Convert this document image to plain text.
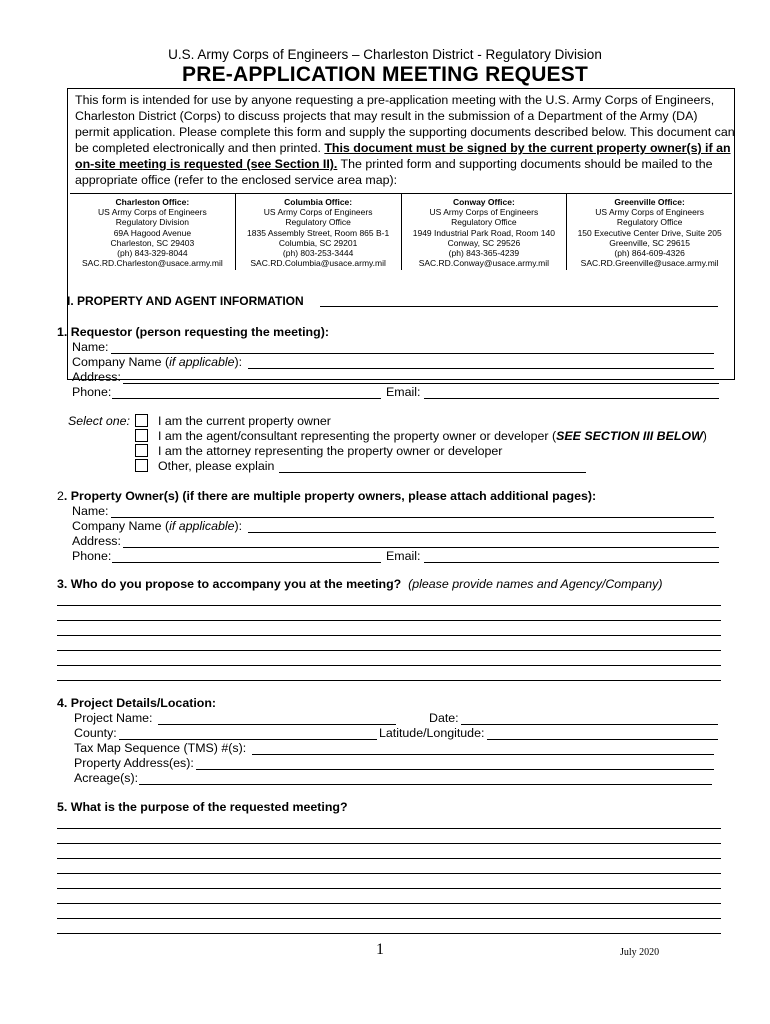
U.S. Army Corps of Engineers – Charleston District - Regulatory Division
PRE-APPLICATION MEETING REQUEST
This form is intended for use by anyone requesting a pre-application meeting with the U.S. Army Corps of Engineers, Charleston District (Corps) to discuss projects that may result in the submission of a Department of the Army (DA) permit application. Please complete this form and supply the supporting documents described below. This document can be completed electronically and then printed. This document must be signed by the current property owner(s) if an on-site meeting is requested (see Section II). The printed form and supporting documents should be mailed to the appropriate office (refer to the enclosed service area map):
Charleston Office:
US Army Corps of Engineers
Regulatory Division
69A Hagood Avenue
Charleston, SC 29403
(ph) 843-329-8044
SAC.RD.Charleston@usace.army.mil
Columbia Office:
US Army Corps of Engineers
Regulatory Office
1835 Assembly Street, Room 865 B-1
Columbia, SC 29201
(ph) 803-253-3444
SAC.RD.Columbia@usace.army.mil
Conway Office:
US Army Corps of Engineers
Regulatory Office
1949 Industrial Park Road, Room 140
Conway, SC 29526
(ph) 843-365-4239
SAC.RD.Conway@usace.army.mil
Greenville Office:
US Army Corps of Engineers
Regulatory Office
150 Executive Center Drive, Suite 205
Greenville, SC 29615
(ph) 864-609-4326
SAC.RD.Greenville@usace.army.mil
I. PROPERTY AND AGENT INFORMATION
1. Requestor (person requesting the meeting):
Name:
Company Name (if applicable):
Address:
Phone:	Email:
Select one: I am the current property owner
I am the agent/consultant representing the property owner or developer (SEE SECTION III BELOW)
I am the attorney representing the property owner or developer
Other, please explain
2. Property Owner(s) (if there are multiple property owners, please attach additional pages):
Name:
Company Name (if applicable):
Address:
Phone:	Email:
3. Who do you propose to accompany you at the meeting? (please provide names and Agency/Company)
4. Project Details/Location:
Project Name:	Date:
County:	Latitude/Longitude:
Tax Map Sequence (TMS) #(s):
Property Address(es):
Acreage(s):
5. What is the purpose of the requested meeting?
1	July 2020
